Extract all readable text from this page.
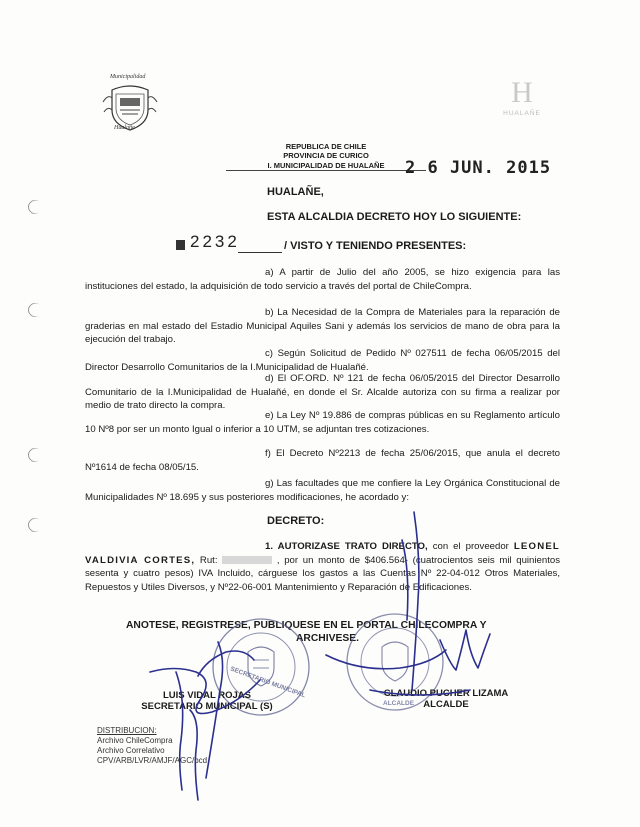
Municipalidad
Hualañe
H
HUALAÑE
REPUBLICA DE CHILE
PROVINCIA DE CURICO
I. MUNICIPALIDAD DE HUALAÑE	2 6 JUN. 2015
HUALAÑE,
ESTA ALCALDIA DECRETO HOY LO SIGUIENTE:
2232	/ VISTO Y TENIENDO PRESENTES:
a) A partir de Julio del año 2005, se hizo exigencia para las instituciones del estado, la adquisición de todo servicio a través del portal de ChileCompra.
b) La Necesidad de la Compra de Materiales para la reparación de graderias en mal estado del Estadio Municipal Aquiles Sani y además los servicios de mano de obra para la ejecución del trabajo.
c) Según Solicitud de Pedido Nº 027511 de fecha 06/05/2015 del Director Desarrollo Comunitarios de la I.Municipalidad de Hualañé.
d) El OF.ORD. Nº 121 de fecha 06/05/2015 del Director Desarrollo Comunitario de la I.Municipalidad de Hualañé, en donde el Sr. Alcalde autoriza con su firma a realizar por medio de trato directo la compra.
e) La Ley Nº 19.886 de compras públicas en su Reglamento artículo 10 Nº8 por ser un monto Igual o inferior a 10 UTM, se adjuntan tres cotizaciones.
f) El Decreto Nº2213 de fecha 25/06/2015, que anula el decreto Nº1614 de fecha 08/05/15.
g) Las facultades que me confiere la Ley Orgánica Constitucional de Municipalidades Nº 18.695 y sus posteriores modificaciones, he acordado y:
DECRETO:
1. AUTORIZASE TRATO DIRECTO, con el proveedor LEONEL VALDIVIA CORTES, Rut:	, por un monto de $406.564- (cuatrocientos seis mil quinientos sesenta y cuatro pesos) IVA Incluido, cárguese los gastos a las Cuentas Nº 22-04-012 Otros Materiales, Repuestos y Utiles Diversos, y Nº22-06-001 Mantenimiento y Reparación de Edificaciones.
ANOTESE, REGISTRESE, PUBLIQUESE EN EL PORTAL CHILECOMPRA Y
ARCHIVESE.
SECRETARIO MUNICIPAL
ALCALDE
LUIS VIDAL ROJAS
SECRETARIO MUNICIPAL (S)
CLAUDIO PUCHER LIZAMA
ALCALDE
DISTRIBUCION:
Archivo ChileCompra
Archivo Correlativo
CPV/ARB/LVR/AMJF/AGC/bcd
